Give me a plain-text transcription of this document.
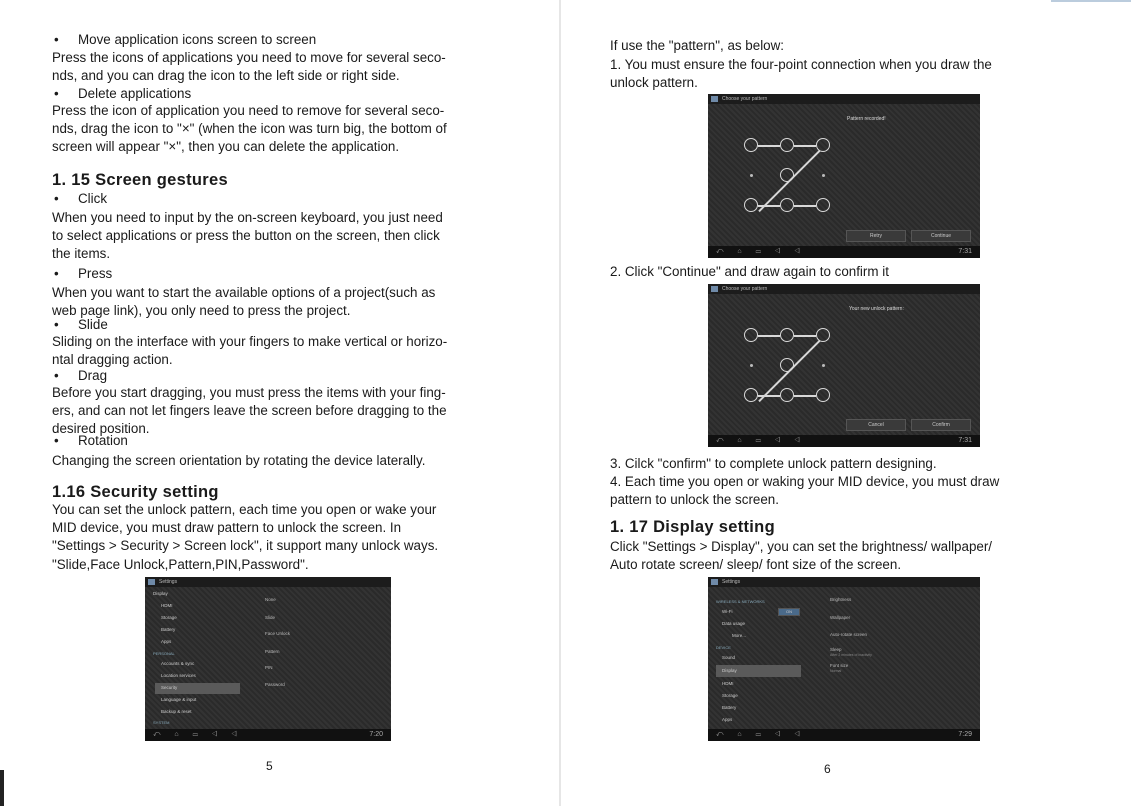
• Move application icons screen to screen
Press the icons of applications you need to move for several seco-
nds, and you can drag the icon to the left side or right side.
• Delete applications
Press the icon of application you need to remove for several seco-
nds, drag the icon to "×" (when the icon was turn big, the bottom of
screen will appear "×", then you can delete the application.
1. 15 Screen gestures
• Click
When you need to input by the on-screen keyboard, you just need
to select applications or press the button on the screen, then click
the items.
• Press
When you want to start the available options of a project(such as
web page link), you only need to press the project.
• Slide
Sliding on the interface with your fingers to make vertical or horizo-
ntal dragging action.
• Drag
Before you start dragging, you must press the items with your fing-
ers, and can not let fingers leave the screen before dragging to the
desired position.
• Rotation
Changing the screen orientation by rotating the device laterally.
1.16 Security setting
You can set the unlock pattern, each time you open or wake your
MID device, you must draw pattern to unlock the screen. In
"Settings > Security > Screen lock", it support many unlock ways.
"Slide,Face Unlock,Pattern,PIN,Password".
Settings
Display
HDMI
Storage
Battery
Apps
PERSONAL
Accounts & sync
Location services
Security
Language & input
Backup & reset
SYSTEM
None
Slide
Face Unlock
Pattern
PIN
Password
⤺ ⌂ ▭ ◁ ◁	7:20
5
If use the "pattern", as below:
1. You must ensure the four-point connection when you draw the
unlock pattern.
Choose your pattern
Pattern recorded!
Retry	Continue
⤺ ⌂ ▭ ◁ ◁	7:31
2. Click "Continue" and draw again to confirm it
Choose your pattern
Your new unlock pattern:
Cancel	Confirm
⤺ ⌂ ▭ ◁ ◁	7:31
3. Cilck "confirm" to complete unlock pattern designing.
4. Each time you open or waking your MID device, you must draw
pattern to unlock the screen.
1. 17 Display setting
Click "Settings > Display", you can set the brightness/ wallpaper/
Auto rotate screen/ sleep/ font size of the screen.
Settings
WIRELESS & NETWORKS
Wi-Fi	ON
Data usage
More...
DEVICE
Sound
Display
HDMI
Storage
Battery
Apps
Brightness
Wallpaper
Auto-rotate screen
Sleep
After 2 minutes of inactivity
Font size
Normal
⤺ ⌂ ▭ ◁ ◁	7:29
6
